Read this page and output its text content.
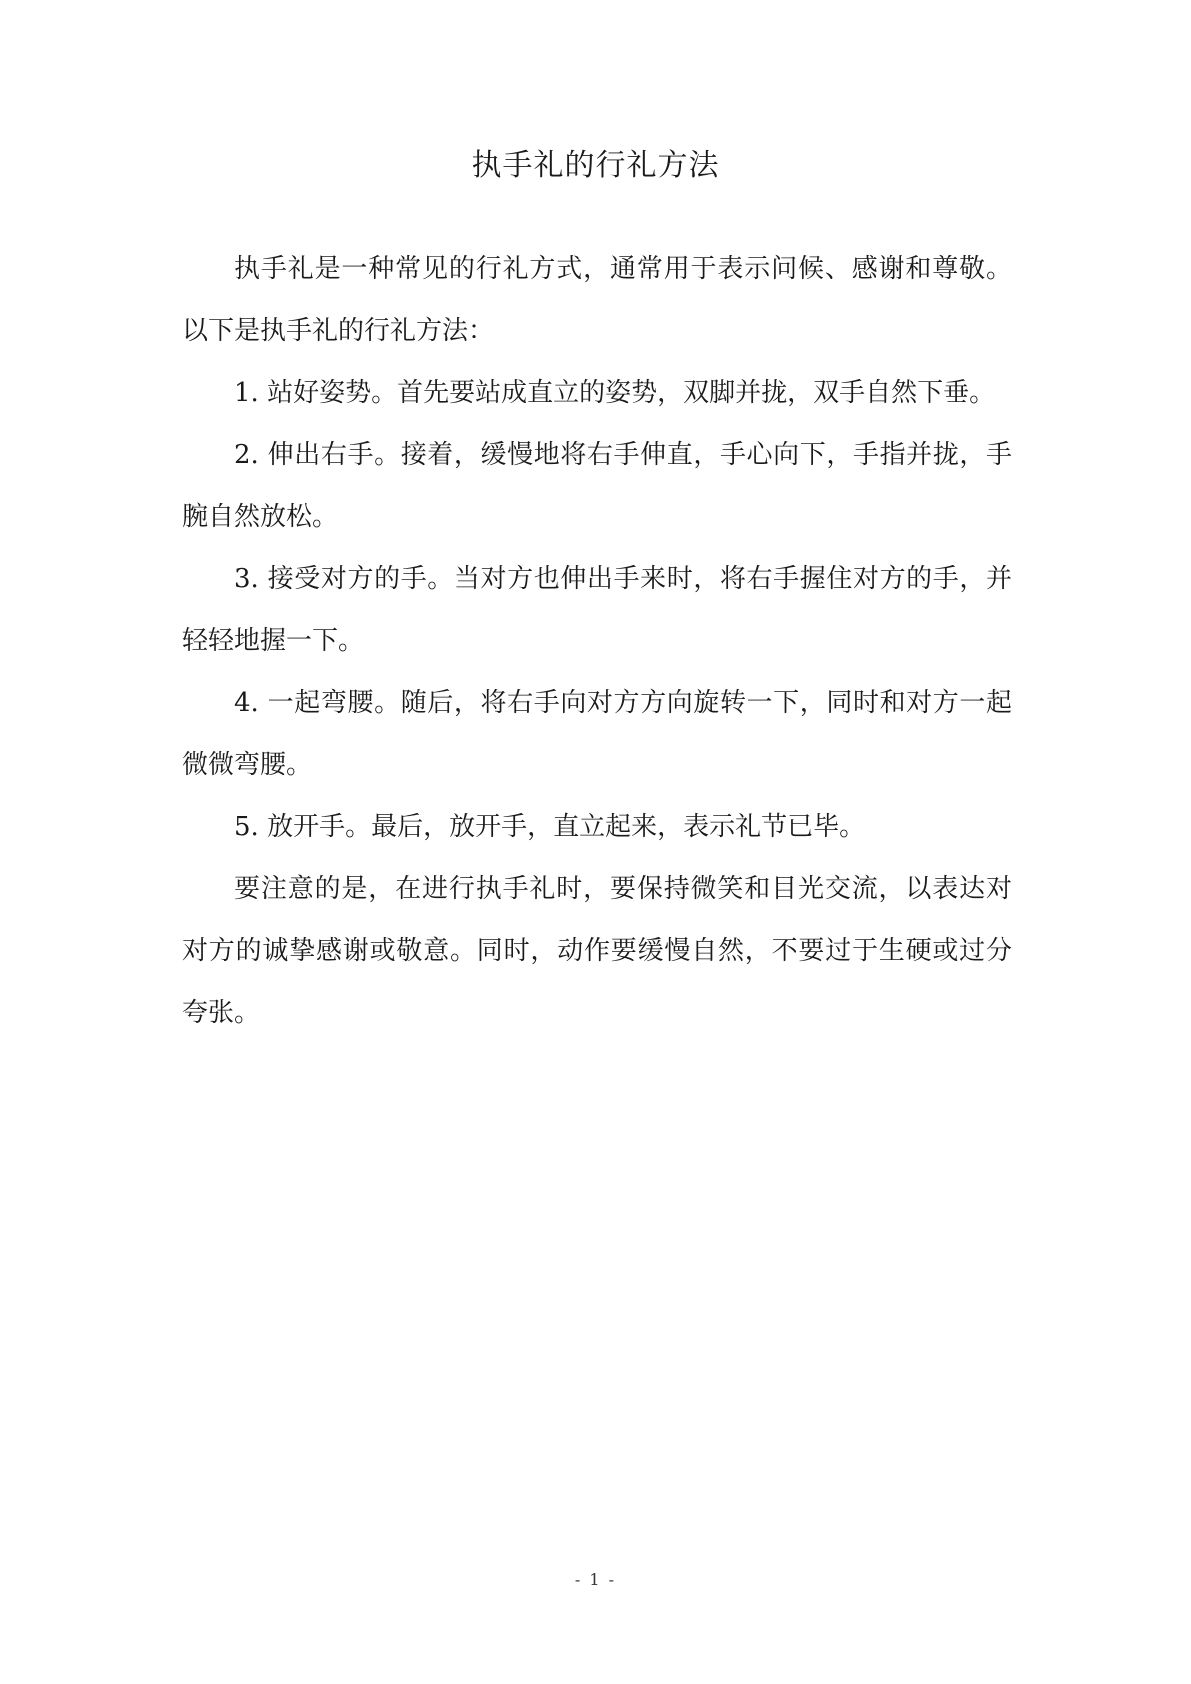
执手礼的行礼方法

执手礼是一种常见的行礼方式，通常用于表示问候、感谢和尊敬。以下是执手礼的行礼方法：

1. 站好姿势。首先要站成直立的姿势，双脚并拢，双手自然下垂。

2. 伸出右手。接着，缓慢地将右手伸直，手心向下，手指并拢，手腕自然放松。

3. 接受对方的手。当对方也伸出手来时，将右手握住对方的手，并轻轻地握一下。

4. 一起弯腰。随后，将右手向对方方向旋转一下，同时和对方一起微微弯腰。

5. 放开手。最后，放开手，直立起来，表示礼节已毕。

要注意的是，在进行执手礼时，要保持微笑和目光交流，以表达对对方的诚挚感谢或敬意。同时，动作要缓慢自然，不要过于生硬或过分夸张。

- 1 -
